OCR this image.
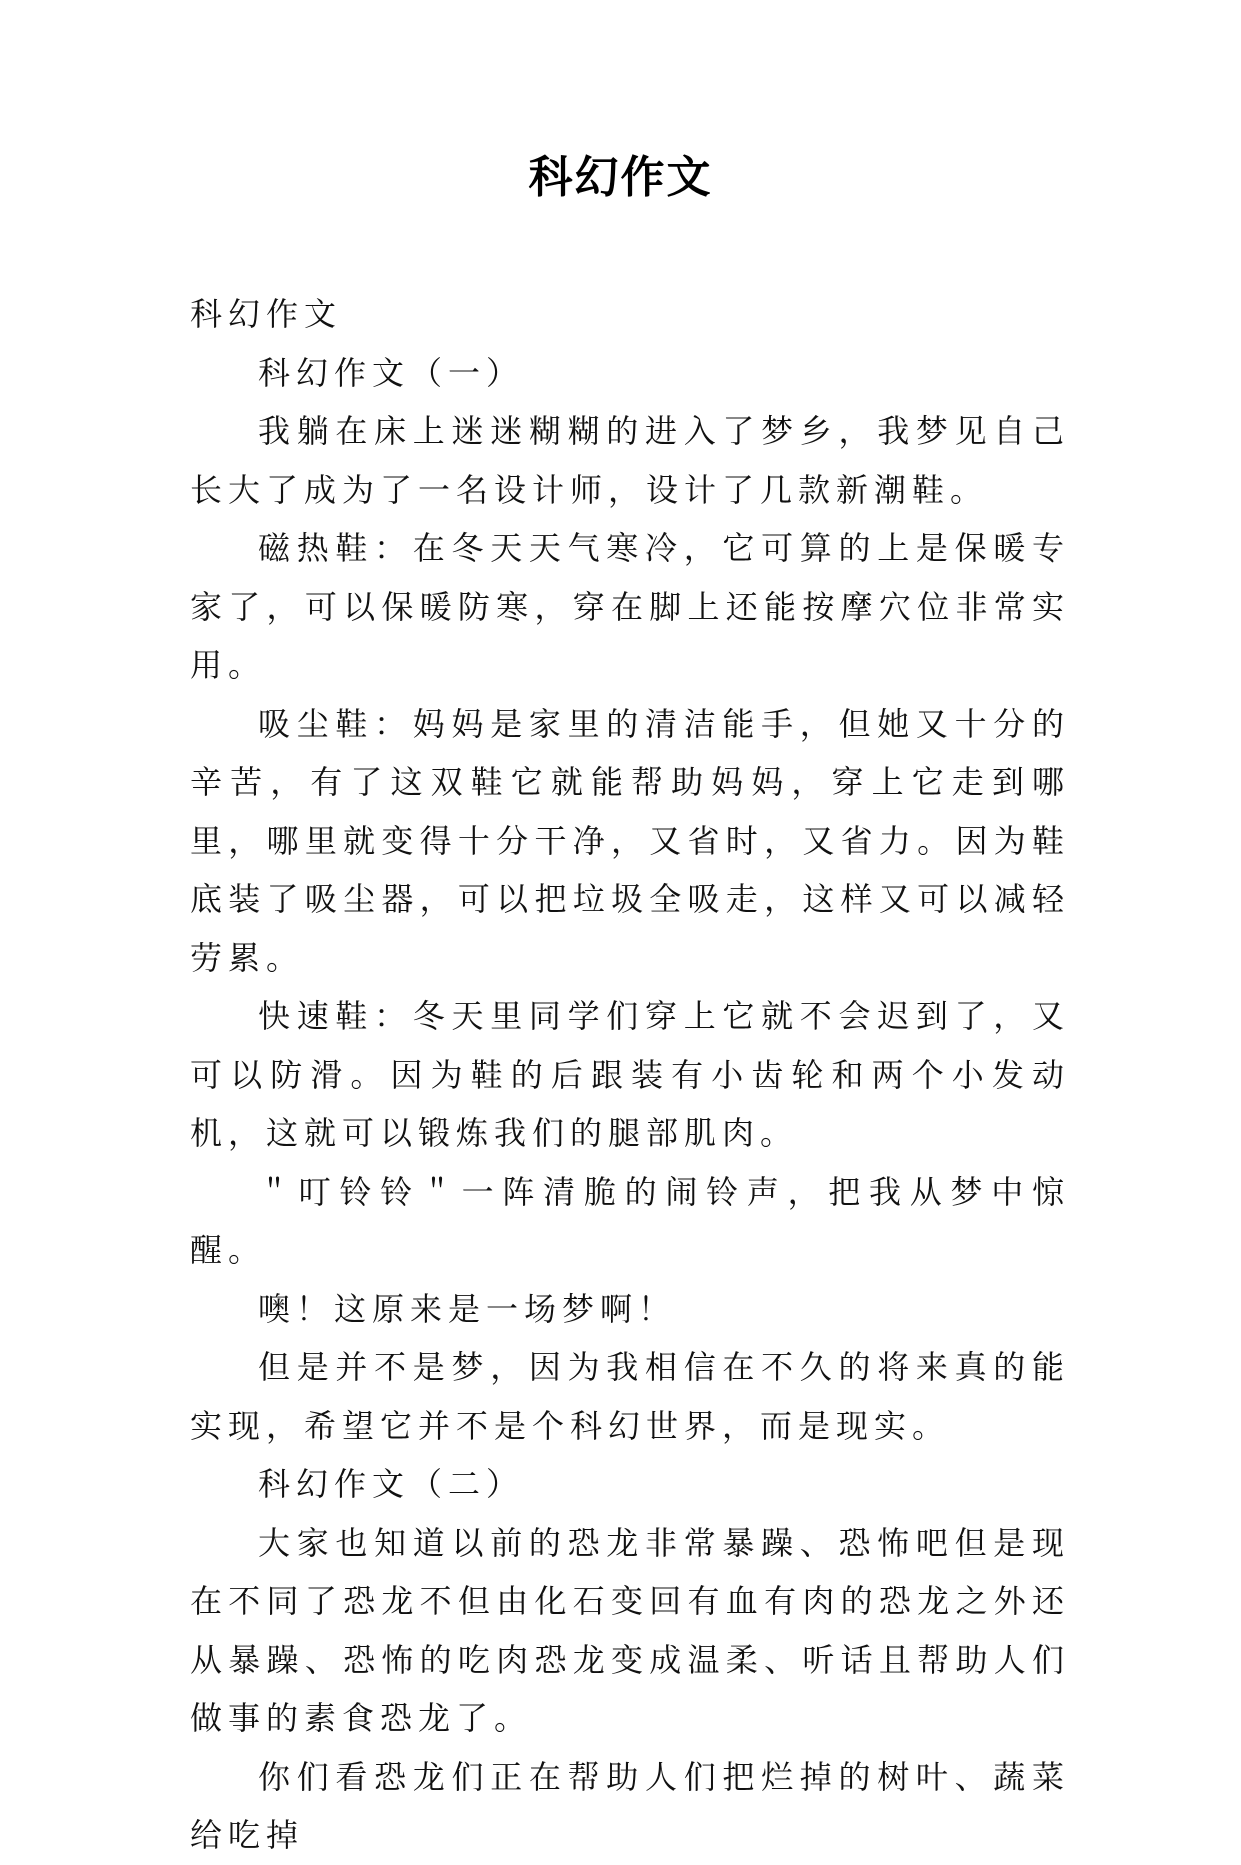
科幻作文

科幻作文

科幻作文（一）

我躺在床上迷迷糊糊的进入了梦乡，我梦见自己长大了成为了一名设计师，设计了几款新潮鞋。

磁热鞋：在冬天天气寒冷，它可算的上是保暖专家了，可以保暖防寒，穿在脚上还能按摩穴位非常实用。

吸尘鞋：妈妈是家里的清洁能手，但她又十分的辛苦，有了这双鞋它就能帮助妈妈，穿上它走到哪里，哪里就变得十分干净，又省时，又省力。因为鞋底装了吸尘器，可以把垃圾全吸走，这样又可以减轻劳累。

快速鞋：冬天里同学们穿上它就不会迟到了，又可以防滑。因为鞋的后跟装有小齿轮和两个小发动机，这就可以锻炼我们的腿部肌肉。

＂叮铃铃＂一阵清脆的闹铃声，把我从梦中惊醒。

噢！这原来是一场梦啊！

但是并不是梦，因为我相信在不久的将来真的能实现，希望它并不是个科幻世界，而是现实。

科幻作文（二）

大家也知道以前的恐龙非常暴躁、恐怖吧但是现在不同了恐龙不但由化石变回有血有肉的恐龙之外还从暴躁、恐怖的吃肉恐龙变成温柔、听话且帮助人们做事的素食恐龙了。

你们看恐龙们正在帮助人们把烂掉的树叶、蔬菜给吃掉
